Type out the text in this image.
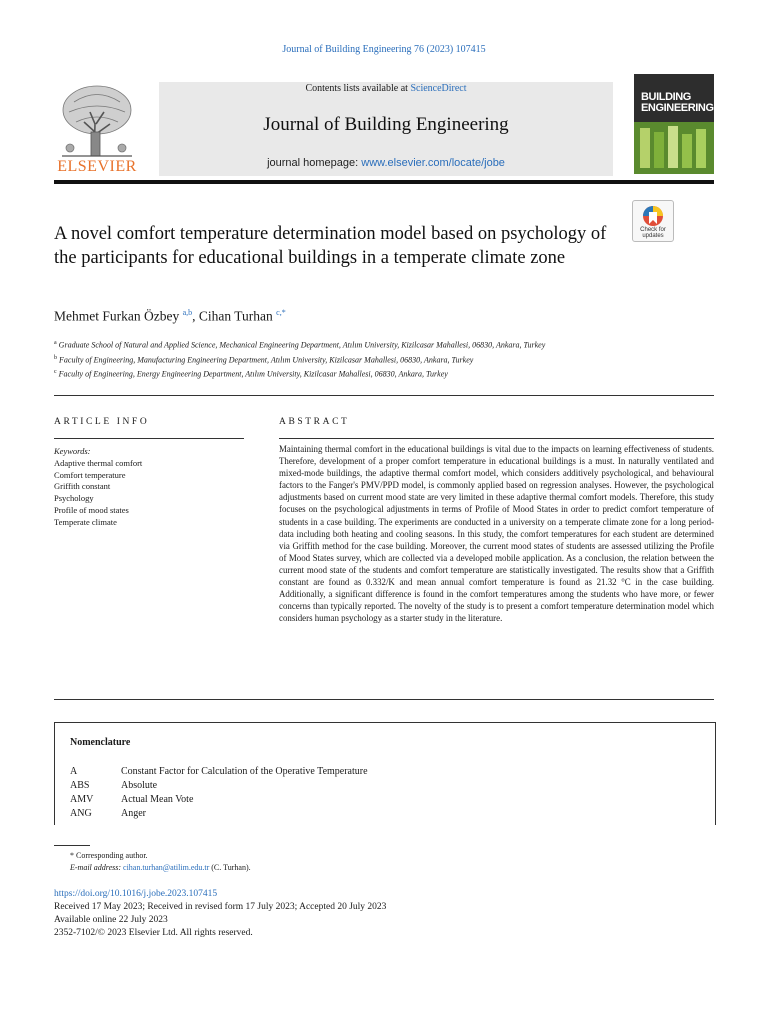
Journal of Building Engineering 76 (2023) 107415
ELSEVIER
Contents lists available at ScienceDirect
Journal of Building Engineering
journal homepage: www.elsevier.com/locate/jobe
BUILDING
ENGINEERING
Check for updates
A novel comfort temperature determination model based on psychology of the participants for educational buildings in a temperate climate zone
Mehmet Furkan Özbey $^{a,b}$, Cihan Turhan $^{c,*}$
$^a$ Graduate School of Natural and Applied Science, Mechanical Engineering Department, Atılım University, Kizilcasar Mahallesi, 06830, Ankara, Turkey
$^b$ Faculty of Engineering, Manufacturing Engineering Department, Atılım University, Kizilcasar Mahallesi, 06830, Ankara, Turkey
$^c$ Faculty of Engineering, Energy Engineering Department, Atılım University, Kizilcasar Mahallesi, 06830, Ankara, Turkey
ARTICLE INFO	ABSTRACT
Keywords:
Adaptive thermal comfort
Comfort temperature
Griffith constant
Psychology
Profile of mood states
Temperate climate
Maintaining thermal comfort in the educational buildings is vital due to the impacts on learning effectiveness of students. Therefore, development of a proper comfort temperature in educational buildings is a must. In naturally ventilated and mixed-mode buildings, the adaptive thermal comfort model, which considers additively psychological, and behavioural factors to the Fanger's PMV/PPD model, is commonly applied based on regression analyses. However, the psychological adjustments based on current mood state are very limited in these adaptive thermal comfort models. Therefore, this study focuses on the psychological adjustments in terms of Profile of Mood States in order to predict comfort temperature of students in a case building. The experiments are conducted in a university on a temperate climate zone for a long period-data including both heating and cooling seasons. In this study, the comfort temperatures for each student are determined via Griffith method for the case building. Moreover, the current mood states of students are assessed utilizing the Profile of Mood States survey, which are collected via a developed mobile application. As a conclusion, the relation between the current mood state of the students and comfort temperature are statistically investigated. The results show that a Griffith constant are found as 0.332/K and mean annual comfort temperature is found as 21.32 °C in the case building. Additionally, a significant difference is found in the comfort temperatures among the students who have more, or fewer concerns than typically reported. The novelty of the study is to present a comfort temperature determination model which considers human psychology as a starter study in the literature.
Nomenclature
A	Constant Factor for Calculation of the Operative Temperature
ABS	Absolute
AMV	Actual Mean Vote
ANG	Anger
* Corresponding author.
E-mail address: cihan.turhan@atilim.edu.tr (C. Turhan).
https://doi.org/10.1016/j.jobe.2023.107415
Received 17 May 2023; Received in revised form 17 July 2023; Accepted 20 July 2023
Available online 22 July 2023
2352-7102/© 2023 Elsevier Ltd. All rights reserved.
